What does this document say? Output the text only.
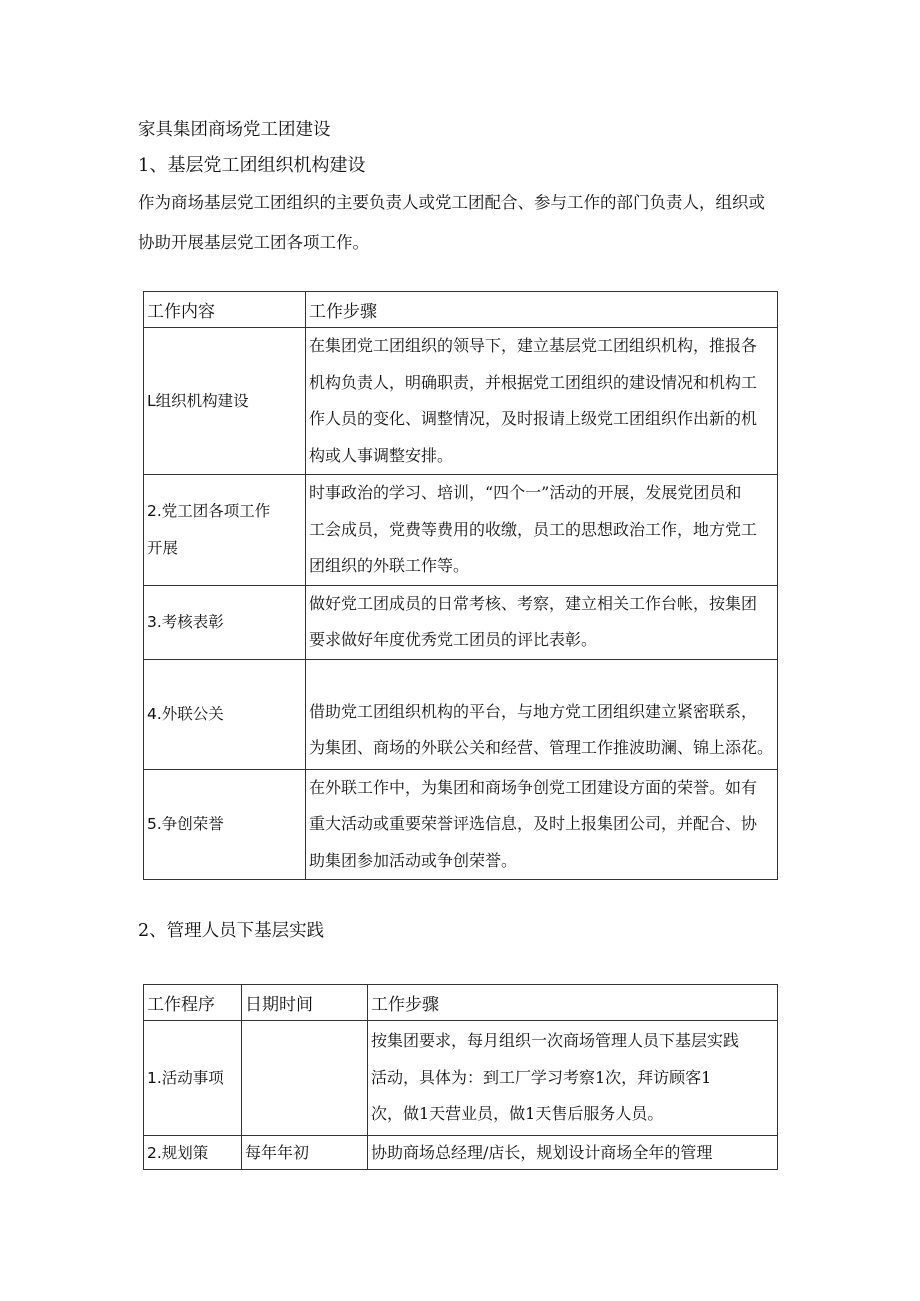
家具集团商场党工团建设
1、基层党工团组织机构建设
作为商场基层党工团组织的主要负责人或党工团配合、参与工作的部门负责人，组织或
协助开展基层党工团各项工作。
工作内容	工作步骤

L组织机构建设	在集团党工团组织的领导下，建立基层党工团组织机构，推报各
机构负责人，明确职责，并根据党工团组织的建设情况和机构工
作人员的变化、调整情况，及时报请上级党工团组织作出新的机
构或人事调整安排。

2.党工团各项工作
开展	时事政治的学习、培训，“四个一”活动的开展，发展党团员和
工会成员，党费等费用的收缴，员工的思想政治工作，地方党工
团组织的外联工作等。

3.考核表彰	做好党工团成员的日常考核、考察，建立相关工作台帐，按集团
要求做好年度优秀党工团员的评比表彰。

4.外联公关	借助党工团组织机构的平台，与地方党工团组织建立紧密联系，
为集团、商场的外联公关和经营、管理工作推波助澜、锦上添花。

5.争创荣誉	在外联工作中，为集团和商场争创党工团建设方面的荣誉。如有
重大活动或重要荣誉评选信息，及时上报集团公司，并配合、协
助集团参加活动或争创荣誉。
2、管理人员下基层实践
工作程序	日期时间	工作步骤
1.活动事项		按集团要求，每月组织一次商场管理人员下基层实践
活动，具体为：到工厂学习考察1次，拜访顾客1
次，做1天营业员，做1天售后服务人员。

2.规划策	每年年初	协助商场总经理/店长，规划设计商场全年的管理
